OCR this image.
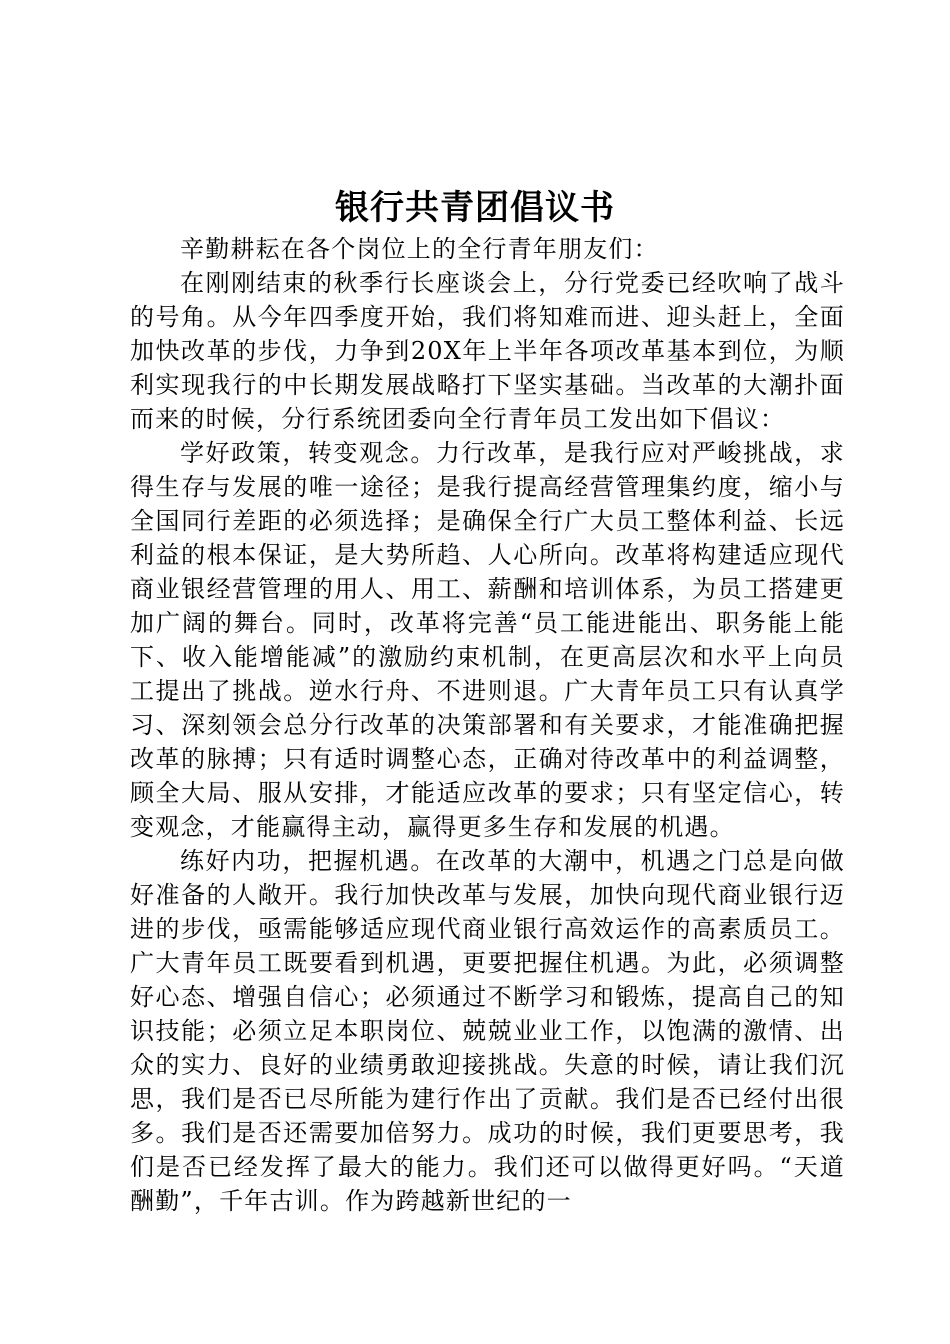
银行共青团倡议书

辛勤耕耘在各个岗位上的全行青年朋友们：

在刚刚结束的秋季行长座谈会上，分行党委已经吹响了战斗的号角。从今年四季度开始，我们将知难而进、迎头赶上，全面加快改革的步伐，力争到20X年上半年各项改革基本到位，为顺利实现我行的中长期发展战略打下坚实基础。当改革的大潮扑面而来的时候，分行系统团委向全行青年员工发出如下倡议：

学好政策，转变观念。力行改革，是我行应对严峻挑战，求得生存与发展的唯一途径；是我行提高经营管理集约度，缩小与全国同行差距的必须选择；是确保全行广大员工整体利益、长远利益的根本保证，是大势所趋、人心所向。改革将构建适应现代商业银经营管理的用人、用工、薪酬和培训体系，为员工搭建更加广阔的舞台。同时，改革将完善“员工能进能出、职务能上能下、收入能增能减”的激励约束机制，在更高层次和水平上向员工提出了挑战。逆水行舟、不进则退。广大青年员工只有认真学习、深刻领会总分行改革的决策部署和有关要求，才能准确把握改革的脉搏；只有适时调整心态，正确对待改革中的利益调整，顾全大局、服从安排，才能适应改革的要求；只有坚定信心，转变观念，才能赢得主动，赢得更多生存和发展的机遇。

练好内功，把握机遇。在改革的大潮中，机遇之门总是向做好准备的人敞开。我行加快改革与发展，加快向现代商业银行迈进的步伐，亟需能够适应现代商业银行高效运作的高素质员工。广大青年员工既要看到机遇，更要把握住机遇。为此，必须调整好心态、增强自信心；必须通过不断学习和锻炼，提高自己的知识技能；必须立足本职岗位、兢兢业业工作，以饱满的激情、出众的实力、良好的业绩勇敢迎接挑战。失意的时候，请让我们沉思，我们是否已尽所能为建行作出了贡献。我们是否已经付出很多。我们是否还需要加倍努力。成功的时候，我们更要思考，我们是否已经发挥了最大的能力。我们还可以做得更好吗。“天道酬勤”，千年古训。作为跨越新世纪的一
